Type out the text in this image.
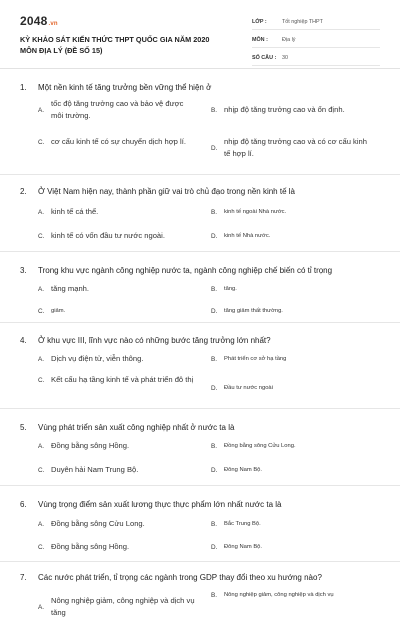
2048.vn
KỲ KHẢO SÁT KIẾN THỨC THPT QUỐC GIA NĂM 2020
MÔN ĐỊA LÝ (ĐỀ SỐ 15)
LỚP :	Tốt nghiệp THPT
MÔN :	Địa lý
SỐ CÂU :	30
1.	Một nền kinh tế tăng trưởng bền vững thể hiện ở
A.
tốc độ tăng trưởng cao và bảo vệ được môi trường.
B. nhịp độ tăng trưởng cao và ổn định.
C. cơ cấu kinh tế có sự chuyển dịch hợp lí.
D.
nhịp độ tăng trưởng cao và có cơ cấu kinh tế hợp lí.
2.	Ở Việt Nam hiện nay, thành phần giữ vai trò chủ đạo trong nền kinh tế là
A. kinh tế cá thể.	B.	kinh tế ngoài Nhà nước.
C. kinh tế có vốn đầu tư nước ngoài.	D.	kinh tế Nhà nước.
3.	Trong khu vực ngành công nghiệp nước ta, ngành công nghiệp chế biến có tỉ trọng
A. tăng mạnh.	B.	tăng.
C.	giảm.	D.	tăng giảm thất thường.
4.	Ở khu vực III, lĩnh vực nào có những bước tăng trưởng lớn nhất?
A. Dịch vụ điện tử, viễn thông.	B.	Phát triển cơ sở hạ tầng
C. Kết cấu hạ tầng kinh tế và phát triển đô thị
D.	Đầu tư nước ngoài
5.	Vùng phát triển sản xuất công nghiệp nhất ở nước ta là
A. Đồng bằng sông Hồng.	B.	Đồng bằng sông Cửu Long.
C. Duyên hải Nam Trung Bộ.	D.	Đông Nam Bộ.
6.	Vùng trọng điểm sản xuất lương thực thực phẩm lớn nhất nước ta là
A. Đồng bằng sông Cửu Long.	B.	Bắc Trung Bộ.
C. Đồng bằng sông Hồng.	D.	Đông Nam Bộ.
7.	Các nước phát triển, tỉ trọng các ngành trong GDP thay đổi theo xu hướng nào?
A.
Nông nghiệp giảm, công nghiệp và dịch vụ tăng
B.	Nông nghiệp giảm, công nghiệp và dịch vụ
